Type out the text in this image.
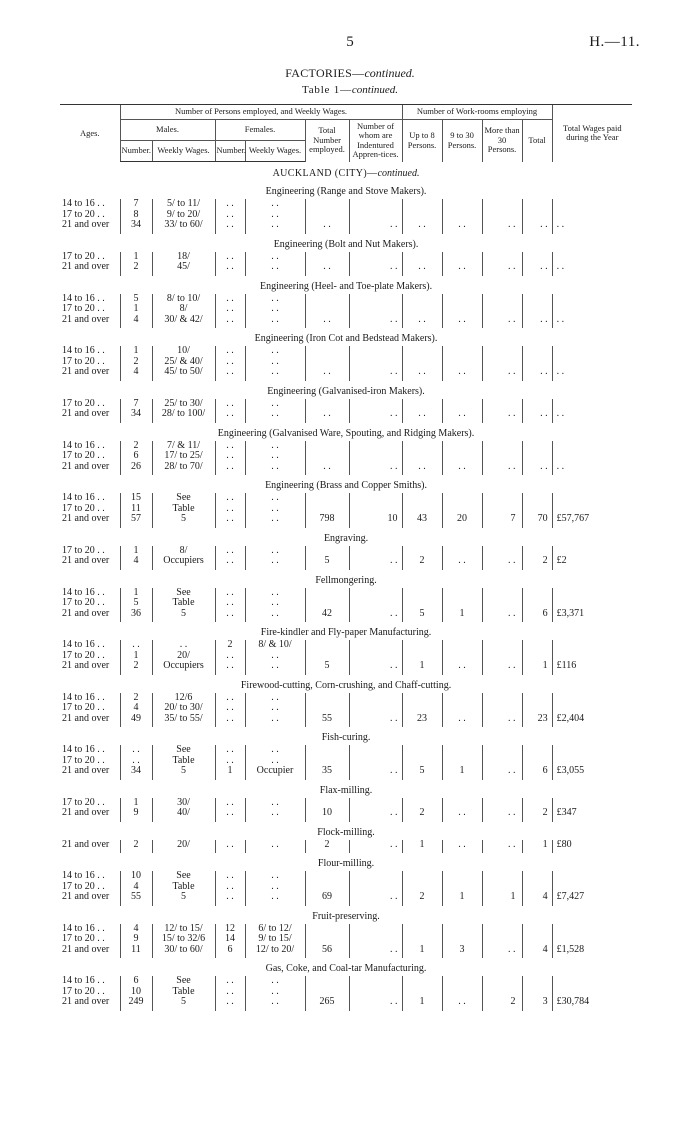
5	H.—11.
FACTORIES—continued.
Table 1—continued.
Ages.	Number of Persons employed, and Weekly Wages.						Number of Work-rooms employing				Total Wages paid during the Year
	Males.		Females.		Total Number employed.	Number of whom are Indentured Appren-tices.	Up to 8 Persons.	9 to 30 Persons.	More than 30 Persons.	Total	
	Number.	Weekly Wages.	Number.	Weekly Wages.							
AUCKLAND (CITY)—continued.											
Engineering (Range and Stove Makers).											
14 to 16 . .	7	5/ to 11/	. .	. .							
17 to 20 . .	8	9/ to 20/	. .	. .							
21 and over	34	33/ to 60/	. .	. .	. .	. .	. .	. .	. .	. .	. .
Engineering (Bolt and Nut Makers).											
17 to 20 . .	1	18/	. .	. .							
21 and over	2	45/	. .	. .	. .	. .	. .	. .	. .	. .	. .
Engineering (Heel- and Toe-plate Makers).											
14 to 16 . .	5	8/ to 10/	. .	. .							
17 to 20 . .	1	8/	. .	. .							
21 and over	4	30/ & 42/	. .	. .	. .	. .	. .	. .	. .	. .	. .
Engineering (Iron Cot and Bedstead Makers).											
14 to 16 . .	1	10/	. .	. .							
17 to 20 . .	2	25/ & 40/	. .	. .							
21 and over	4	45/ to 50/	. .	. .	. .	. .	. .	. .	. .	. .	. .
Engineering (Galvanised-iron Makers).											
17 to 20 . .	7	25/ to 30/	. .	. .							
21 and over	34	28/ to 100/	. .	. .	. .	. .	. .	. .	. .	. .	. .
Engineering (Galvanised Ware, Spouting, and Ridging Makers).											
14 to 16 . .	2	7/ & 11/	. .	. .							
17 to 20 . .	6	17/ to 25/	. .	. .							
21 and over	26	28/ to 70/	. .	. .	. .	. .	. .	. .	. .	. .	. .
Engineering (Brass and Copper Smiths).											
14 to 16 . .	15	See	. .	. .							
17 to 20 . .	11	Table	. .	. .							
21 and over	57	5	. .	. .	798	10	43	20	7	70	£57,767
Engraving.											
17 to 20 . .	1	8/	. .	. .							
21 and over	4	Occupiers	. .	. .	5	. .	2	. .	. .	2	£2
Fellmongering.											
14 to 16 . .	1	See	. .	. .							
17 to 20 . .	5	Table	. .	. .							
21 and over	36	5	. .	. .	42	. .	5	1	. .	6	£3,371
Fire-kindler and Fly-paper Manufacturing.											
14 to 16 . .	. .	. .	2	8/ & 10/							
17 to 20 . .	1	20/	. .	. .							
21 and over	2	Occupiers	. .	. .	5	. .	1	. .	. .	1	£116
Firewood-cutting, Corn-crushing, and Chaff-cutting.											
14 to 16 . .	2	12/6	. .	. .							
17 to 20 . .	4	20/ to 30/	. .	. .							
21 and over	49	35/ to 55/	. .	. .	55	. .	23	. .	. .	23	£2,404
Fish-curing.											
14 to 16 . .	. .	See	. .	. .							
17 to 20 . .	. .	Table	. .	. .							
21 and over	34	5	1	Occupier	35	. .	5	1	. .	6	£3,055
Flax-milling.											
17 to 20 . .	1	30/	. .	. .							
21 and over	9	40/	. .	. .	10	. .	2	. .	. .	2	£347
Flock-milling.											
21 and over	2	20/	. .	. .	2	. .	1	. .	. .	1	£80
Flour-milling.											
14 to 16 . .	10	See	. .	. .							
17 to 20 . .	4	Table	. .	. .							
21 and over	55	5	. .	. .	69	. .	2	1	1	4	£7,427
Fruit-preserving.											
14 to 16 . .	4	12/ to 15/	12	6/ to 12/							
17 to 20 . .	9	15/ to 32/6	14	9/ to 15/							
21 and over	11	30/ to 60/	6	12/ to 20/	56	. .	1	3	. .	4	£1,528
Gas, Coke, and Coal-tar Manufacturing.											
14 to 16 . .	6	See	. .	. .							
17 to 20 . .	10	Table	. .	. .							
21 and over	249	5	. .	. .	265	. .	1	. .	2	3	£30,784
